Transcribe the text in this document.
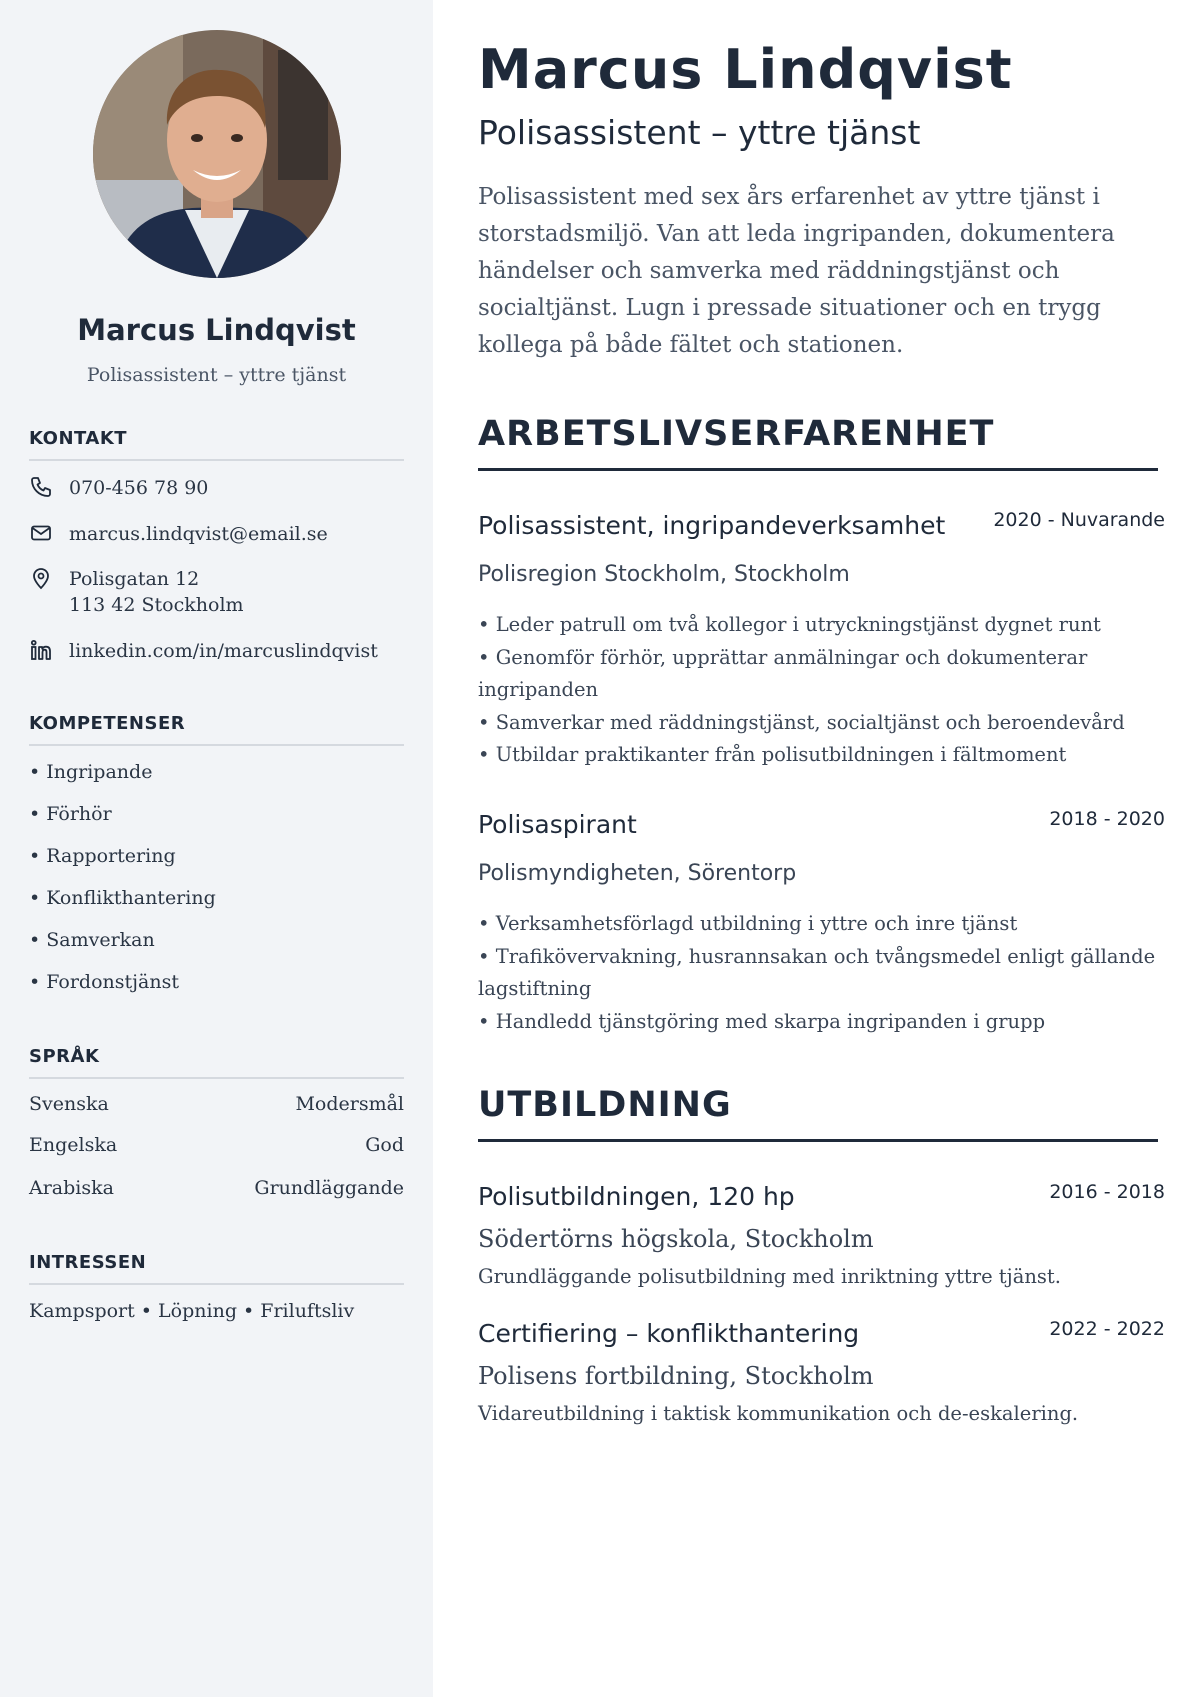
Marcus Lindqvist
Polisassistent – yttre tjänst
KONTAKT
070-456 78 90
marcus.lindqvist@email.se
Polisgatan 12
113 42 Stockholm
linkedin.com/in/marcuslindqvist
KOMPETENSER
• Ingripande
• Förhör
• Rapportering
• Konflikthantering
• Samverkan
• Fordonstjänst
SPRÅK
Svenska	Modersmål
Engelska	God
Arabiska	Grundläggande
INTRESSEN
Kampsport • Löpning • Friluftsliv
Marcus Lindqvist
Polisassistent – yttre tjänst
Polisassistent med sex års erfarenhet av yttre tjänst i storstadsmiljö. Van att leda ingripanden, dokumentera händelser och samverka med räddningstjänst och socialtjänst. Lugn i pressade situationer och en trygg kollega på både fältet och stationen.
ARBETSLIVSERFARENHET
Polisassistent, ingripandeverksamhet	2020 - Nuvarande
Polisregion Stockholm, Stockholm
• Leder patrull om två kollegor i utryckningstjänst dygnet runt
• Genomför förhör, upprättar anmälningar och dokumenterar ingripanden
• Samverkar med räddningstjänst, socialtjänst och beroendevård
• Utbildar praktikanter från polisutbildningen i fältmoment
Polisaspirant	2018 - 2020
Polismyndigheten, Sörentorp
• Verksamhetsförlagd utbildning i yttre och inre tjänst
• Trafikövervakning, husrannsakan och tvångsmedel enligt gällande lagstiftning
• Handledd tjänstgöring med skarpa ingripanden i grupp
UTBILDNING
Polisutbildningen, 120 hp	2016 - 2018
Södertörns högskola, Stockholm
Grundläggande polisutbildning med inriktning yttre tjänst.
Certifiering – konflikthantering	2022 - 2022
Polisens fortbildning, Stockholm
Vidareutbildning i taktisk kommunikation och de-eskalering.
